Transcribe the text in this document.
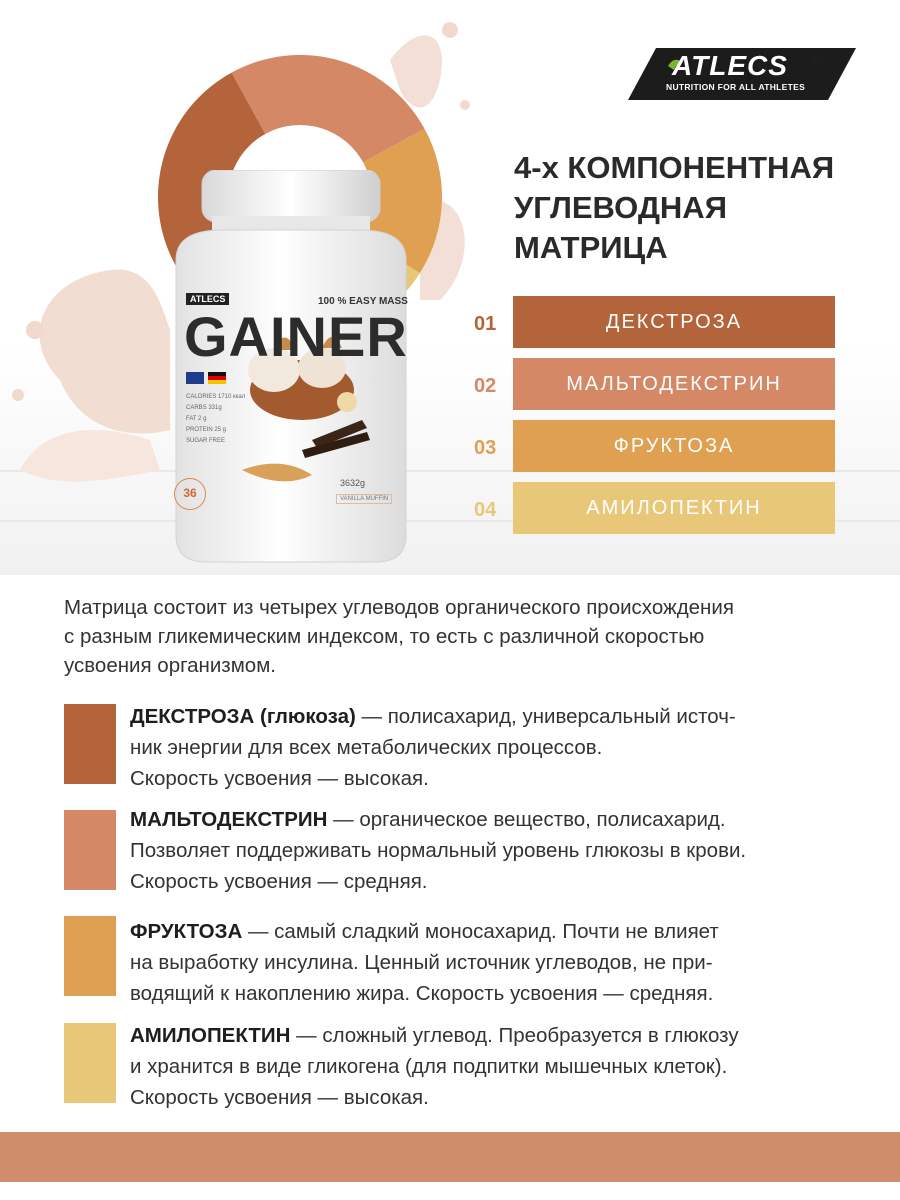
ATLECS	100 % EASY MASS
GAINER
CALORIES 1710 ккал
CARBS 331g
FAT 2 g
PROTEIN 25 g
SUGAR FREE
36
3632g
VANILLA MUFFIN
ATLECS
NUTRITION FOR ALL ATHLETES
®
4-х КОМПОНЕНТНАЯ
УГЛЕВОДНАЯ
МАТРИЦА
01	ДЕКСТРОЗА
02	МАЛЬТОДЕКСТРИН
03	ФРУКТОЗА
04	АМИЛОПЕКТИН
Матрица состоит из четырех углеводов органического происхождения
с разным гликемическим индексом, то есть с различной скоростью
усвоения организмом.
ДЕКСТРОЗА (глюкоза) — полисахарид, универсальный источ-
ник энергии для всех метаболических процессов.
Скорость усвоения — высокая.
МАЛЬТОДЕКСТРИН — органическое вещество, полисахарид.
Позволяет поддерживать нормальный уровень глюкозы в крови.
Скорость усвоения — средняя.
ФРУКТОЗА — самый сладкий моносахарид. Почти не влияет
на выработку инсулина. Ценный источник углеводов, не при-
водящий к накоплению жира. Скорость усвоения — средняя.
АМИЛОПЕКТИН — сложный углевод. Преобразуется в глюкозу
и хранится в виде гликогена (для подпитки мышечных клеток).
Скорость усвоения — высокая.
